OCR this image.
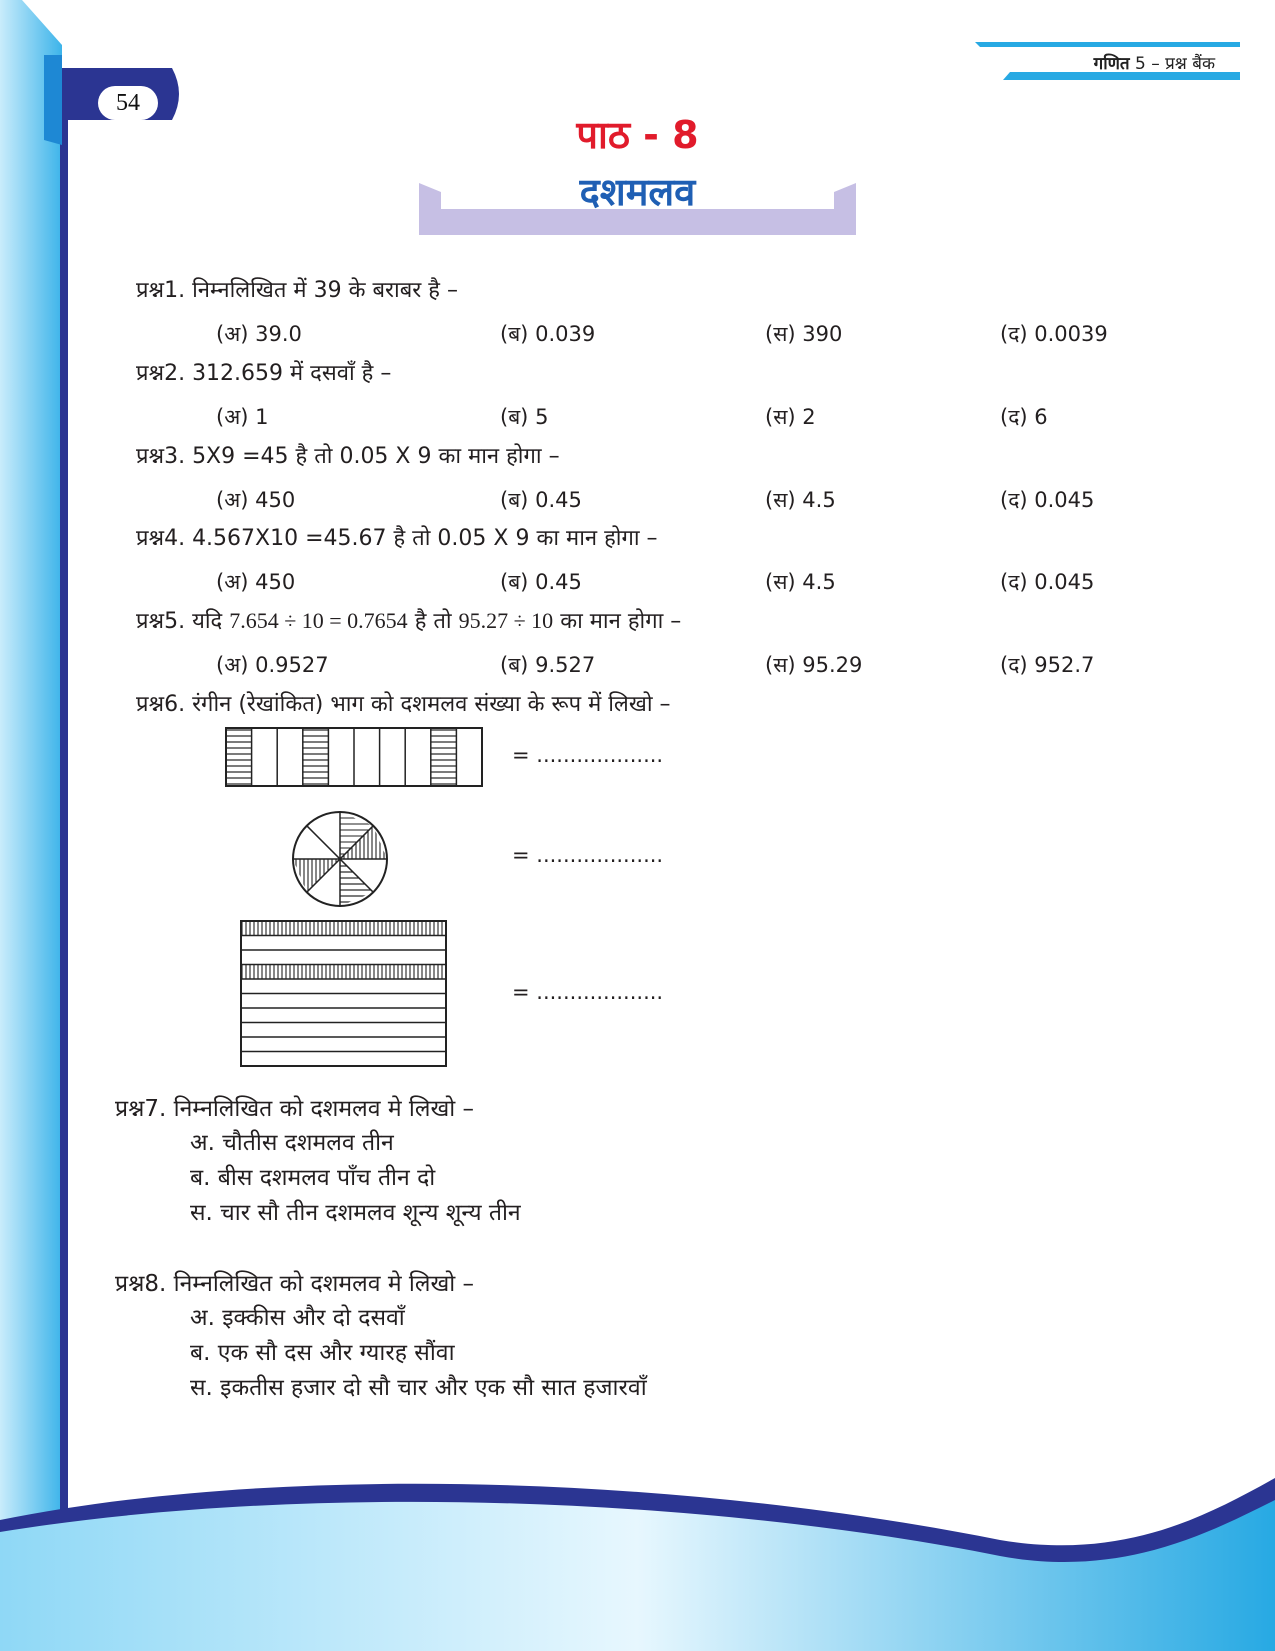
54
गणित 5 – प्रश्न बैंक
पाठ - 8
दशमलव
प्रश्न1. निम्नलिखित में 39 के बराबर है –
(अ) 39.0	(ब) 0.039	(स) 390	(द) 0.0039
प्रश्न2. 312.659 में दसवाँ है –
(अ) 1	(ब) 5	(स) 2	(द) 6
प्रश्न3. 5X9 =45 है तो 0.05 X 9 का मान होगा –
(अ) 450	(ब) 0.45	(स) 4.5	(द) 0.045
प्रश्न4. 4.567X10 =45.67 है तो 0.05 X 9 का मान होगा –
(अ) 450	(ब) 0.45	(स) 4.5	(द) 0.045
प्रश्न5. यदि 7.654 ÷ 10 = 0.7654 है तो 95.27 ÷ 10 का मान होगा –
(अ) 0.9527	(ब) 9.527	(स) 95.29	(द) 952.7
प्रश्न6. रंगीन (रेखांकित) भाग को दशमलव संख्या के रूप में लिखो –
= ...................
= ...................
= ...................
प्रश्न7. निम्नलिखित को दशमलव मे लिखो –
अ. चौतीस दशमलव तीन
ब. बीस दशमलव पाँच तीन दो
स. चार सौ तीन दशमलव शून्य शून्य तीन
प्रश्न8. निम्नलिखित को दशमलव मे लिखो –
अ. इक्कीस और दो दसवाँ
ब. एक सौ दस और ग्यारह सौंवा
स. इकतीस हजार दो सौ चार और एक सौ सात हजारवाँ
